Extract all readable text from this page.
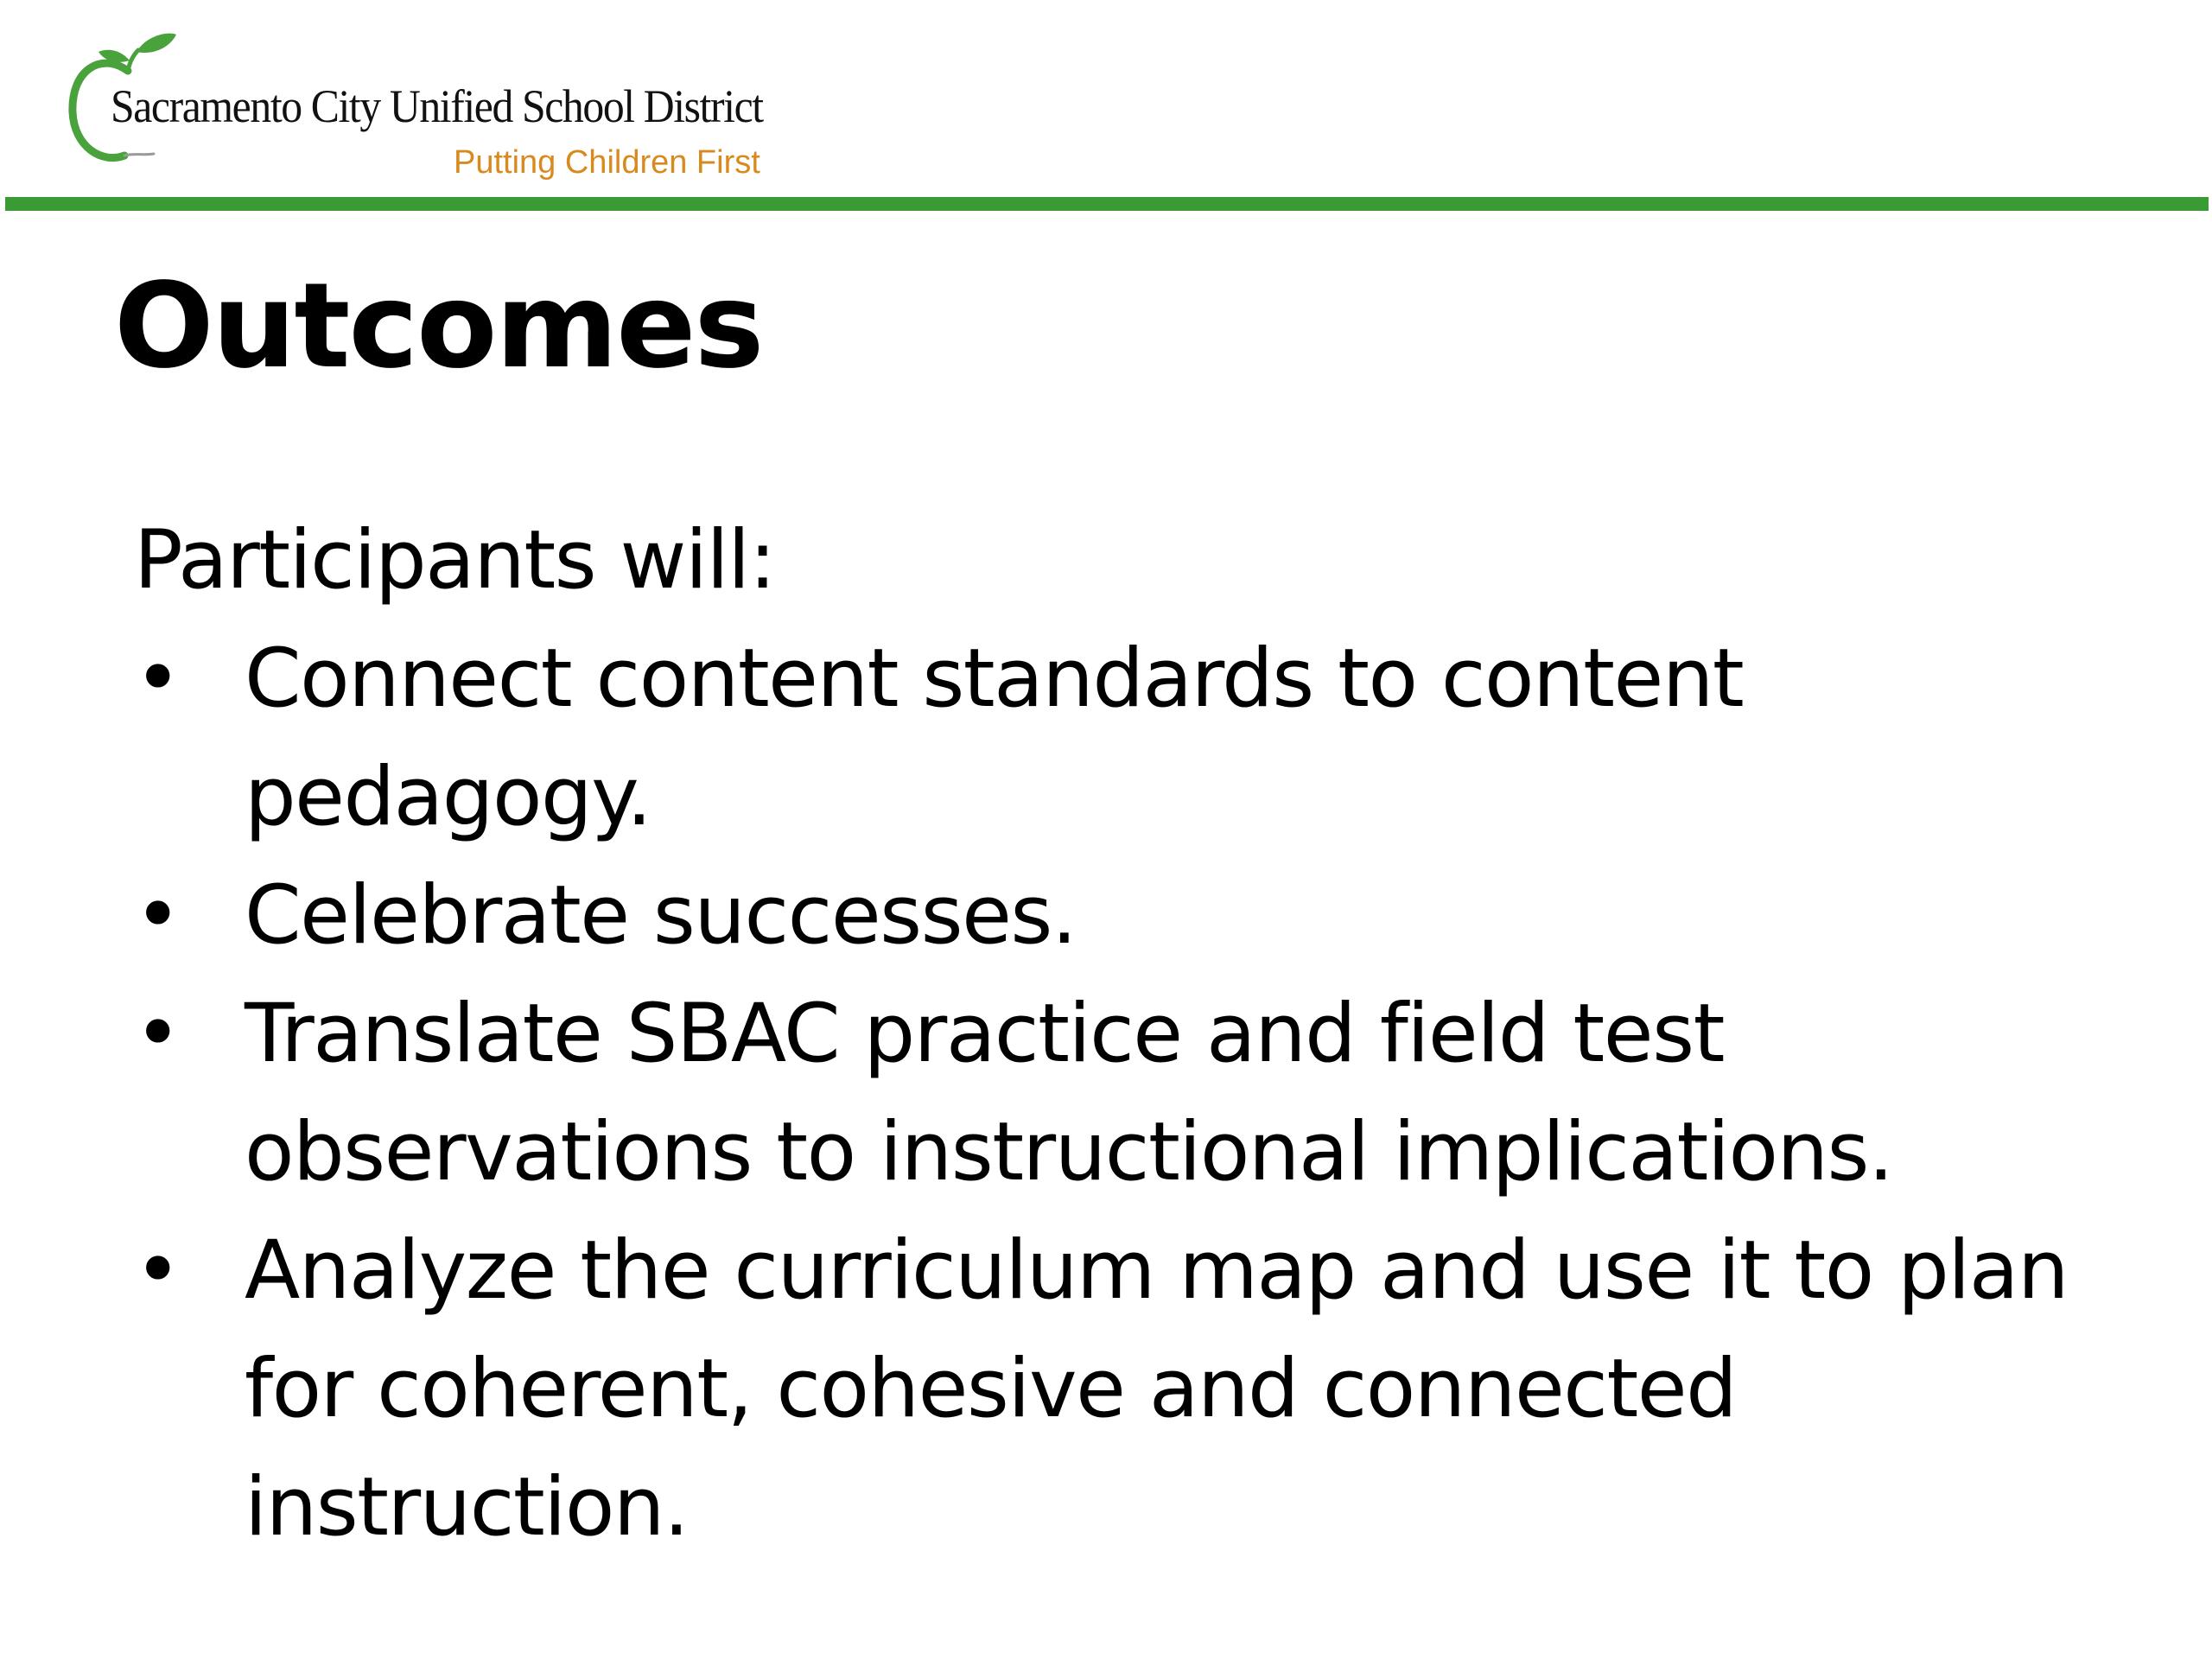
Sacramento City Unified School District
Putting Children First
Outcomes

Participants will:

• Connect content standards to content pedagogy.
• Celebrate successes.
• Translate SBAC practice and field test observations to instructional implications.
• Analyze the curriculum map and use it to plan for coherent, cohesive and connected instruction.
